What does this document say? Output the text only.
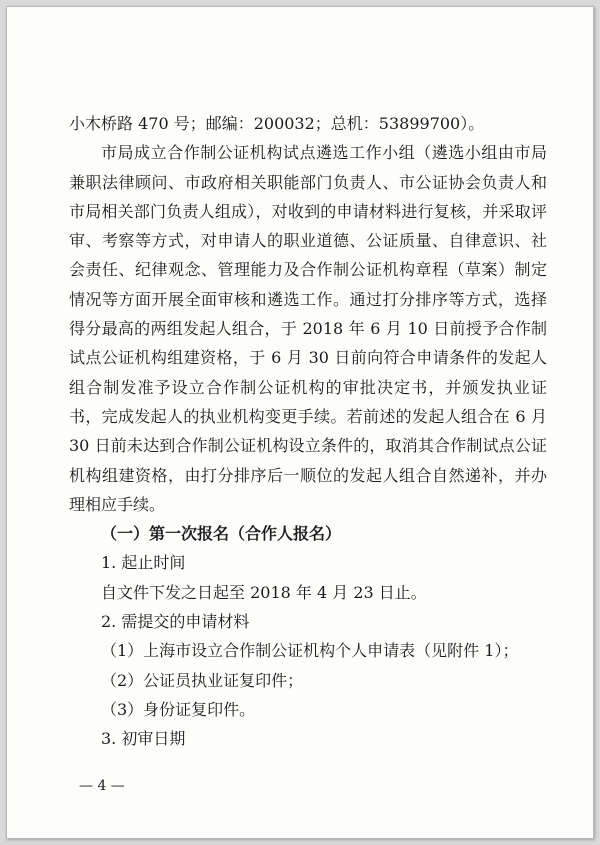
小木桥路 470 号；邮编：200032；总机：53899700）。

市局成立合作制公证机构试点遴选工作小组（遴选小组由市局兼职法律顾问、市政府相关职能部门负责人、市公证协会负责人和市局相关部门负责人组成），对收到的申请材料进行复核，并采取评审、考察等方式，对申请人的职业道德、公证质量、自律意识、社会责任、纪律观念、管理能力及合作制公证机构章程（草案）制定情况等方面开展全面审核和遴选工作。通过打分排序等方式，选择得分最高的两组发起人组合，于 2018 年 6 月 10 日前授予合作制试点公证机构组建资格，于 6 月 30 日前向符合申请条件的发起人组合制发准予设立合作制公证机构的审批决定书，并颁发执业证书，完成发起人的执业机构变更手续。若前述的发起人组合在 6 月 30 日前未达到合作制公证机构设立条件的，取消其合作制试点公证机构组建资格，由打分排序后一顺位的发起人组合自然递补，并办理相应手续。

（一）第一次报名（合作人报名）

1. 起止时间

自文件下发之日起至 2018 年 4 月 23 日止。

2. 需提交的申请材料

（1）上海市设立合作制公证机构个人申请表（见附件 1）；

（2）公证员执业证复印件；

（3）身份证复印件。

3. 初审日期

— 4 —
